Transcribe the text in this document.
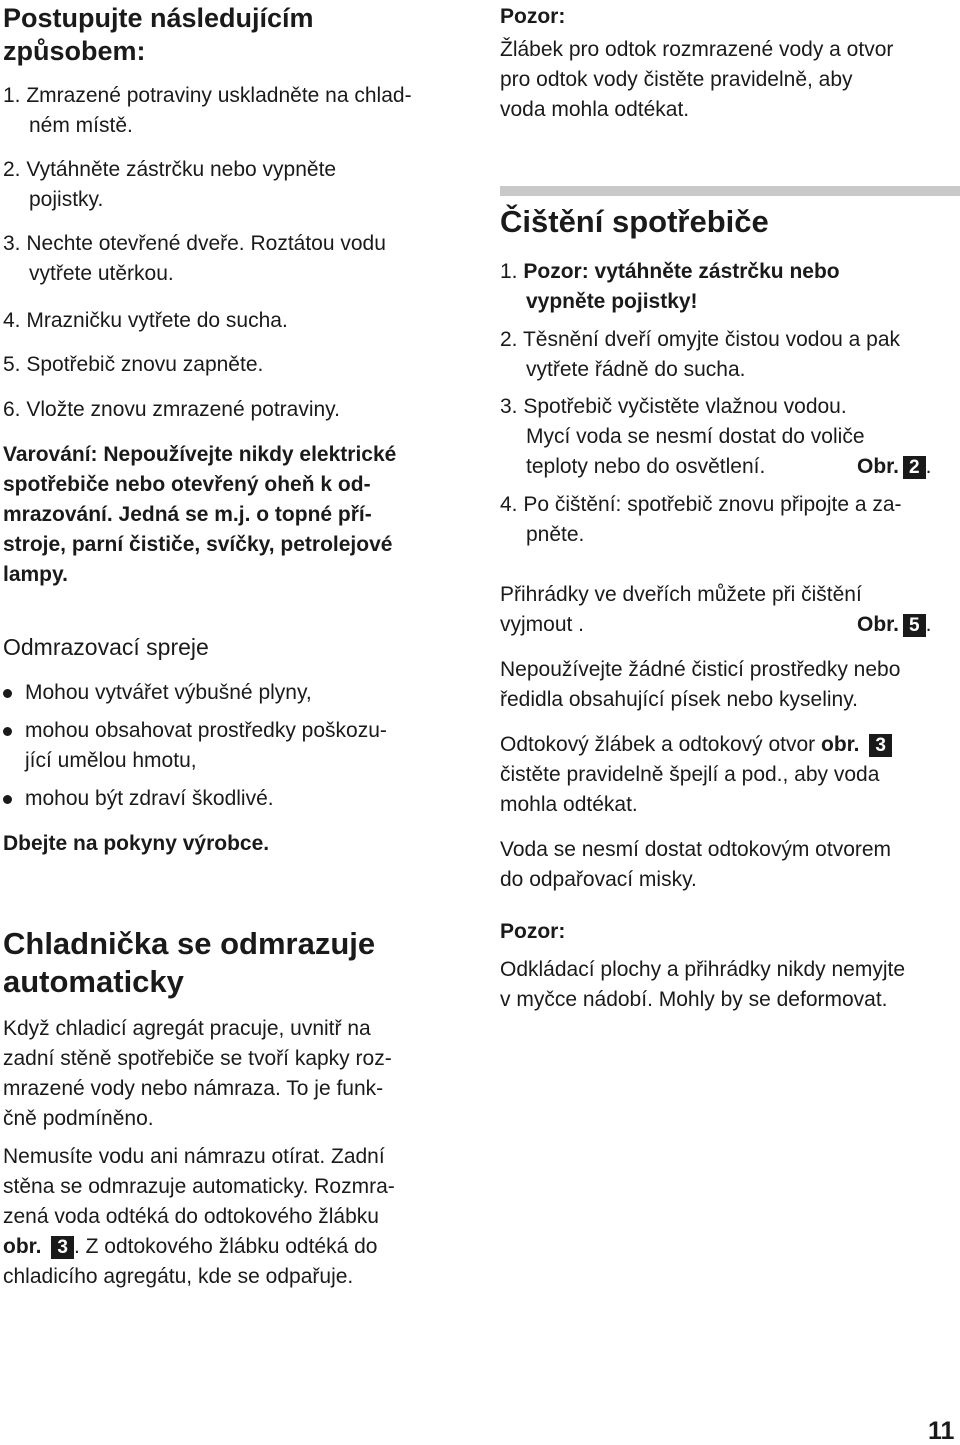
Postupujte následujícím
způsobem:
1. Zmrazené potraviny uskladněte na chlad-
ném místě.
2. Vytáhněte zástrčku nebo vypněte
pojistky.
3. Nechte otevřené dveře. Roztátou vodu
vytřete utěrkou.
4. Mrazničku vytřete do sucha.
5. Spotřebič znovu zapněte.
6. Vložte znovu zmrazené potraviny.
Varování: Nepoužívejte nikdy elektrické
spotřebiče nebo otevřený oheň k od-
mrazování. Jedná se m.j. o topné pří-
stroje, parní čističe, svíčky, petrolejové
lampy.
Odmrazovací spreje
Mohou vytvářet výbušné plyny,
mohou obsahovat prostředky poškozu-
jící umělou hmotu,
mohou být zdraví škodlivé.
Dbejte na pokyny výrobce.
Chladnička se odmrazuje
automaticky
Když chladicí agregát pracuje, uvnitř na
zadní stěně spotřebiče se tvoří kapky roz-
mrazené vody nebo námraza. To je funk-
čně podmíněno.
Nemusíte vodu ani námrazu otírat. Zadní
stěna se odmrazuje automaticky. Rozmra-
zená voda odtéká do odtokového žlábku
obr. 3 . Z odtokového žlábku odtéká do
chladicího agregátu, kde se odpařuje.
Pozor:
Žlábek pro odtok rozmrazené vody a otvor
pro odtok vody čistěte pravidelně, aby
voda mohla odtékat.
Čištění spotřebiče
1. Pozor: vytáhněte zástrčku nebo
vypněte pojistky!
2. Těsnění dveří omyjte čistou vodou a pak
vytřete řádně do sucha.
3. Spotřebič vyčistěte vlažnou vodou.
Mycí voda se nesmí dostat do voliče
teploty nebo do osvětlení.	Obr. 2 .
4. Po čištění: spotřebič znovu připojte a za-
pněte.
Přihrádky ve dveřích můžete při čištění
vyjmout .	Obr. 5 .
Nepoužívejte žádné čisticí prostředky nebo
ředidla obsahující písek nebo kyseliny.
Odtokový žlábek a odtokový otvor obr. 3
čistěte pravidelně špejlí a pod., aby voda
mohla odtékat.
Voda se nesmí dostat odtokovým otvorem
do odpařovací misky.
Pozor:
Odkládací plochy a přihrádky nikdy nemyjte
v myčce nádobí. Mohly by se deformovat.
11
